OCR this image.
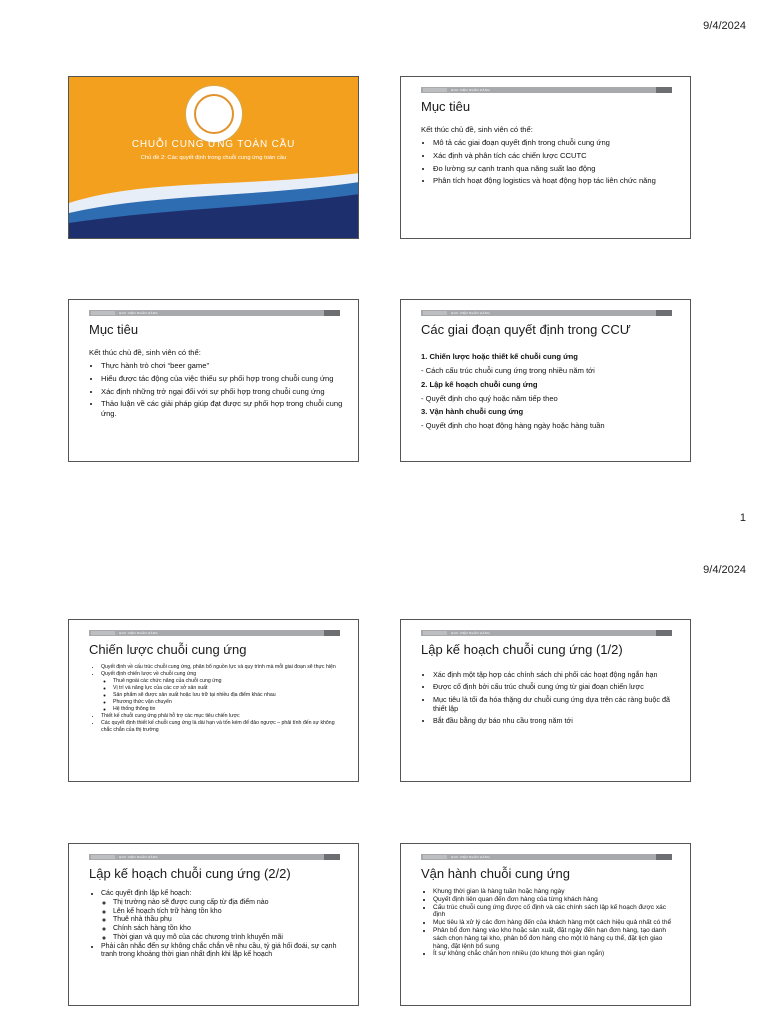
9/4/2024
CHUỖI CUNG ỨNG TOÀN CẦU
Chủ đề 2: Các quyết định trong chuỗi cung ứng toàn cầu
HỌC VIỆN NGÂN HÀNG
Mục tiêu
Kết thúc chủ đề, sinh viên có thể:
• Mô tả các giai đoạn quyết định trong chuỗi cung ứng
• Xác định và phân tích các chiến lược CCUTC
• Đo lường sự cạnh tranh qua năng suất lao động
• Phân tích hoạt động logistics và hoạt động hợp tác liên chức năng
HỌC VIỆN NGÂN HÀNG
Mục tiêu
Kết thúc chủ đề, sinh viên có thể:
• Thực hành trò chơi “beer game”
• Hiểu được tác động của việc thiếu sự phối hợp trong chuỗi cung ứng
• Xác định những trở ngại đối với sự phối hợp trong chuỗi cung ứng
• Thảo luận về các giải pháp giúp đạt được sự phối hợp trong chuỗi cung ứng.
HỌC VIỆN NGÂN HÀNG
Các giai đoạn quyết định trong CCƯ

1. Chiến lược hoặc thiết kế chuỗi cung ứng

- Cách cấu trúc chuỗi cung ứng trong nhiều năm tới

2. Lập kế hoạch chuỗi cung ứng

- Quyết định cho quý hoặc năm tiếp theo

3. Vận hành chuỗi cung ứng

- Quyết định cho hoạt động hàng ngày hoặc hàng tuần

1
9/4/2024
HỌC VIỆN NGÂN HÀNG
Chiến lược chuỗi cung ứng
• Quyết định về cấu trúc chuỗi cung ứng, phân bổ nguồn lực và quy trình mà mỗi giai đoạn sẽ thực hiện
• Quyết định chiến lược về chuỗi cung ứng
◦ Thuê ngoài các chức năng của chuỗi cung ứng
◦ Vị trí và năng lực của các cơ sở sản xuất
◦ Sản phẩm sẽ được sản xuất hoặc lưu trữ tại nhiều địa điểm khác nhau
◦ Phương thức vận chuyển
◦ Hệ thống thông tin
• Thiết kế chuỗi cung ứng phải hỗ trợ các mục tiêu chiến lược
• Các quyết định thiết kế chuỗi cung ứng là dài hạn và tốn kém để đảo ngược – phải tính đến sự không chắc chắn của thị trường
HỌC VIỆN NGÂN HÀNG
Lập kế hoạch chuỗi cung ứng (1/2)
• Xác định một tập hợp các chính sách chi phối các hoạt động ngắn hạn
• Được cố định bởi cấu trúc chuỗi cung ứng từ giai đoạn chiến lược
• Mục tiêu là tối đa hóa thặng dư chuỗi cung ứng dựa trên các ràng buộc đã thiết lập
• Bắt đầu bằng dự báo nhu cầu trong năm tới
HỌC VIỆN NGÂN HÀNG
Lập kế hoạch chuỗi cung ứng (2/2)
• Các quyết định lập kế hoạch:
◦ Thị trường nào sẽ được cung cấp từ địa điểm nào
◦ Lên kế hoạch tích trữ hàng tồn kho
◦ Thuê nhà thầu phụ
◦ Chính sách hàng tồn kho
◦ Thời gian và quy mô của các chương trình khuyến mãi
• Phải cân nhắc đến sự không chắc chắn về nhu cầu, tỷ giá hối đoái, sự cạnh tranh trong khoảng thời gian nhất định khi lập kế hoạch
HỌC VIỆN NGÂN HÀNG
Vận hành chuỗi cung ứng
• Khung thời gian là hàng tuần hoặc hàng ngày
• Quyết định liên quan đến đơn hàng của từng khách hàng
• Cấu trúc chuỗi cung ứng được cố định và các chính sách lập kế hoạch được xác định
• Mục tiêu là xử lý các đơn hàng đến của khách hàng một cách hiệu quả nhất có thể
• Phân bổ đơn hàng vào kho hoặc sản xuất, đặt ngày đến hạn đơn hàng, tạo danh sách chọn hàng tại kho, phân bổ đơn hàng cho một lô hàng cụ thể, đặt lịch giao hàng, đặt lệnh bổ sung
• Ít sự không chắc chắn hơn nhiều (do khung thời gian ngắn)
